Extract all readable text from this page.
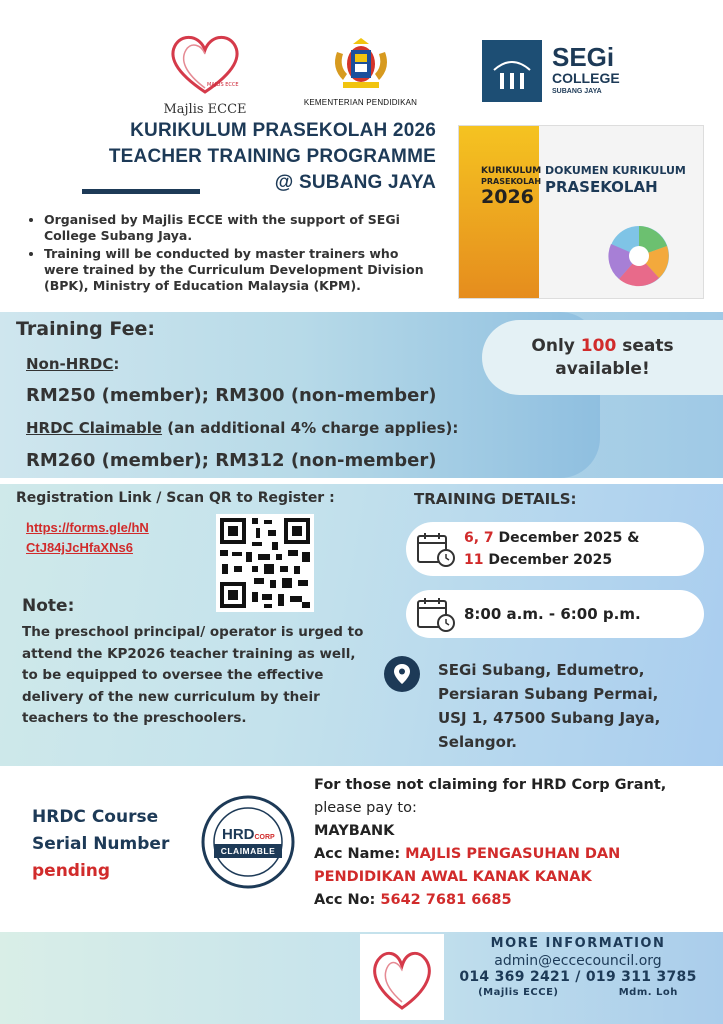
MAJLIS ECCE
Majlis ECCE	KEMENTERIAN PENDIDIKAN
SEGi
COLLEGE
SUBANG JAYA
KURIKULUM PRASEKOLAH 2026
TEACHER TRAINING PROGRAMME
@ SUBANG JAYA
• Organised by Majlis ECCE with the support of SEGi College Subang Jaya.
• Training will be conducted by master trainers who were trained by the Curriculum Development Division (BPK), Ministry of Education Malaysia (KPM).
KURIKULUM
PRASEKOLAH
2026
DOKUMEN KURIKULUM
PRASEKOLAH
Only 100 seats
available!
Training Fee:
Non-HRDC:
RM250 (member); RM300 (non-member)
HRDC Claimable (an additional 4% charge applies):
RM260 (member); RM312 (non-member)
Registration Link / Scan QR to Register :
https://forms.gle/hN
CtJ84jJcHfaXNs6
Note:
The preschool principal/ operator is urged to attend the KP2026 teacher training as well, to be equipped to oversee the effective delivery of the new curriculum by their teachers to the preschoolers.
TRAINING DETAILS:
6, 7 December 2025 &
11 December 2025
8:00 a.m. - 6:00 p.m.
SEGi Subang, Edumetro,
Persiaran Subang Permai,
USJ 1, 47500 Subang Jaya,
Selangor.
HRDC Course
Serial Number
pending
HRDCORP
CLAIMABLE
For those not claiming for HRD Corp Grant,
please pay to:
MAYBANK
Acc Name: MAJLIS PENGASUHAN DAN
PENDIDIKAN AWAL KANAK KANAK
Acc No: 5642 7681 6685
MORE INFORMATION
admin@eccecouncil.org
014 369 2421 / 019 311 3785
(Majlis ECCE)	Mdm. Loh
